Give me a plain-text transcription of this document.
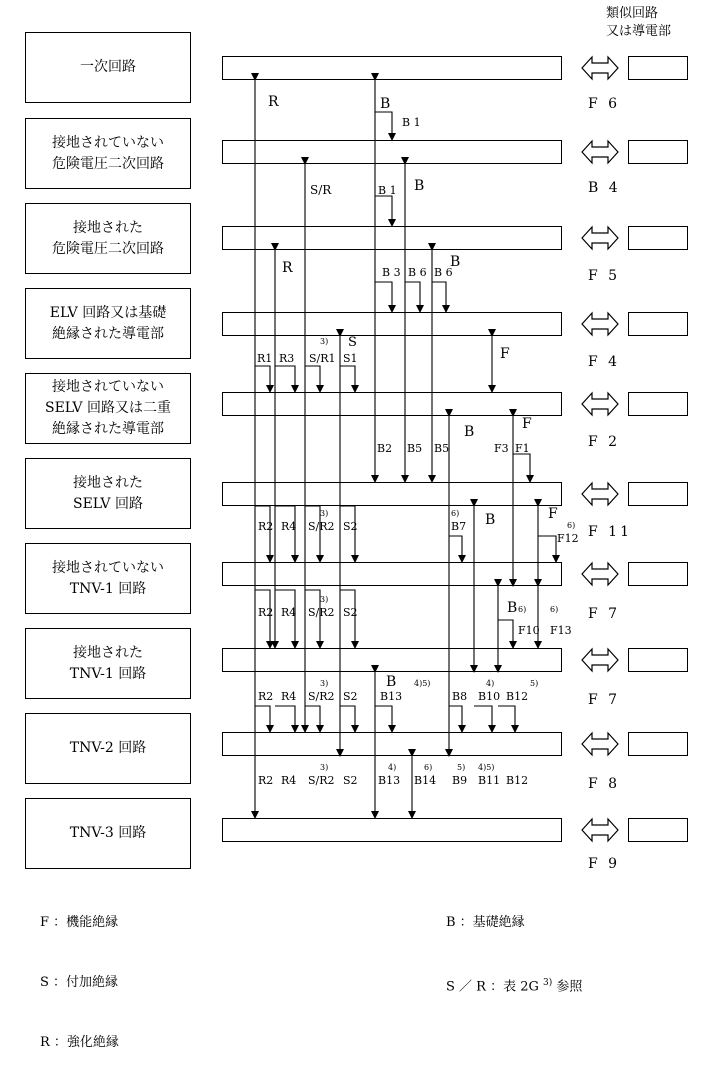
類似回路
又は導電部
一次回路
接地されていない
危険電圧二次回路
接地された
危険電圧二次回路
ELV 回路又は基礎
絶縁された導電部
接地されていない
SELV 回路又は二重
絶縁された導電部
接地された
SELV 回路
接地されていない
TNV-1 回路
接地された
TNV-1 回路
TNV-2 回路
TNV-3 回路
F 6
B 4
F 5
F 4
F 2
F 11
F 7
F 7
F 8
F 9
R	B
B 1
S/R	B 1 B
R	B
B 3 B 6 B 6
3) S
F
R1 R3 S/R1 S1
B	F
B2 B5 B5	F3 F1
6)
B7 B	F
6)
F12
3)
R2 R4 S/R2 S2
3)
R2 R4 S/R2 S2	B 6)
F10
6)
F13
B 4)5)	4)	5)
3)
R2 R4 S/R2 S2 B13	B8 B10 B12
3)	4)	6)	5) 4)5)
R2 R4 S/R2 S2 B13 B14 B9 B11 B12

F ：機能絶縁

S ：付加絶縁

R ：強化絶縁

B ：基礎絶縁

S ／ R ：表 2G $^{3)}$ 参照
